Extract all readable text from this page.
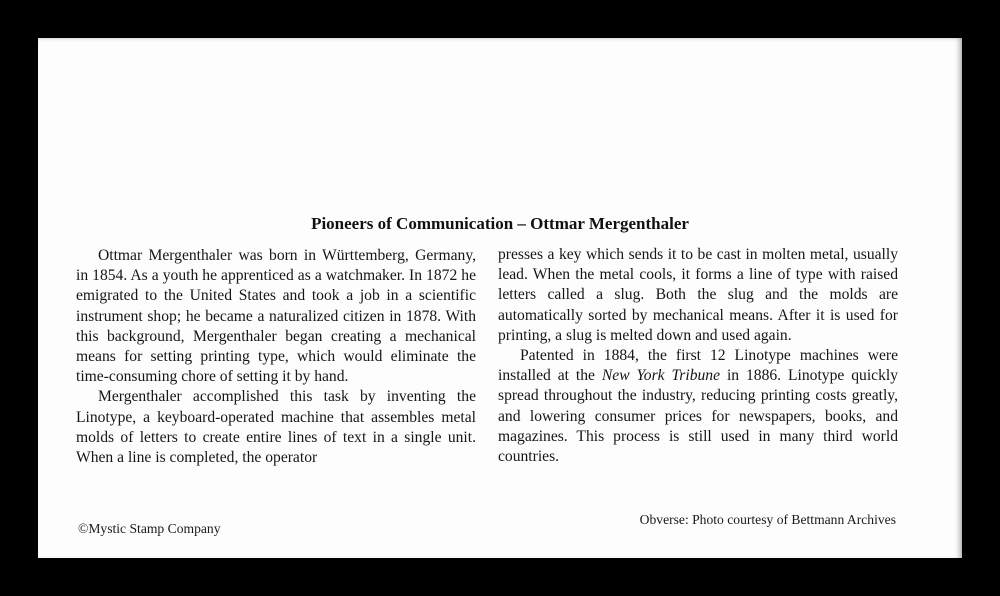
Pioneers of Communication – Ottmar Mergenthaler

Ottmar Mergenthaler was born in Württemberg, Germany, in 1854. As a youth he apprenticed as a watchmaker. In 1872 he emigrated to the United States and took a job in a scientific instrument shop; he became a naturalized citizen in 1878. With this background, Mergenthaler began creating a mechanical means for setting printing type, which would eliminate the time-consuming chore of setting it by hand.

Mergenthaler accomplished this task by inventing the Linotype, a keyboard-operated machine that assembles metal molds of letters to create entire lines of text in a single unit. When a line is completed, the operator

presses a key which sends it to be cast in molten metal, usually lead. When the metal cools, it forms a line of type with raised letters called a slug. Both the slug and the molds are automatically sorted by mechanical means. After it is used for printing, a slug is melted down and used again.

Patented in 1884, the first 12 Linotype machines were installed at the New York Tribune in 1886. Linotype quickly spread throughout the industry, reducing printing costs greatly, and lowering consumer prices for newspapers, books, and magazines. This process is still used in many third world countries.

©Mystic Stamp Company
Obverse: Photo courtesy of Bettmann Archives
